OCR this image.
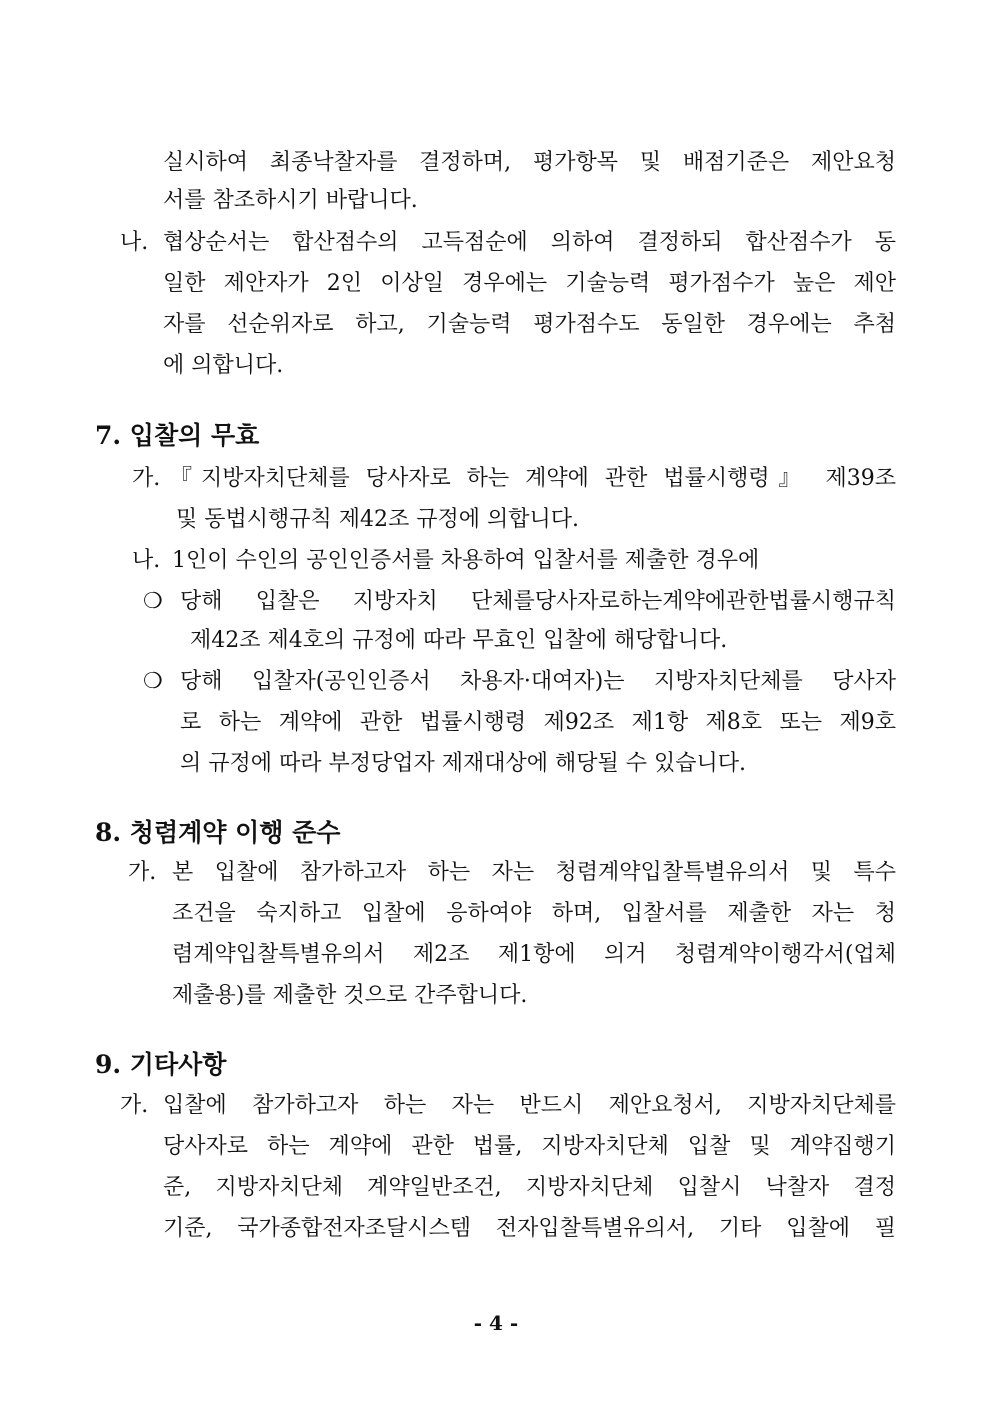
실시하여 최종낙찰자를 결정하며, 평가항목 및 배점기준은 제안요청
서를 참조하시기 바랍니다.
나. 협상순서는 합산점수의 고득점순에 의하여 결정하되 합산점수가 동
일한 제안자가 2인 이상일 경우에는 기술능력 평가점수가 높은 제안
자를 선순위자로 하고, 기술능력 평가점수도 동일한 경우에는 추첨
에 의합니다.
7. 입찰의 무효
가. 『지방자치단체를 당사자로 하는 계약에 관한 법률시행령』 제39조
및 동법시행규칙 제42조 규정에 의합니다.
나. 1인이 수인의 공인인증서를 차용하여 입찰서를 제출한 경우에
❍ 당해 입찰은 지방자치 단체를당사자로하는계약에관한법률시행규칙
제42조 제4호의 규정에 따라 무효인 입찰에 해당합니다.
❍ 당해 입찰자(공인인증서 차용자·대여자)는 지방자치단체를 당사자
로 하는 계약에 관한 법률시행령 제92조 제1항 제8호 또는 제9호
의 규정에 따라 부정당업자 제재대상에 해당될 수 있습니다.
8. 청렴계약 이행 준수
가. 본 입찰에 참가하고자 하는 자는 청렴계약입찰특별유의서 및 특수
조건을 숙지하고 입찰에 응하여야 하며, 입찰서를 제출한 자는 청
렴계약입찰특별유의서 제2조 제1항에 의거 청렴계약이행각서(업체
제출용)를 제출한 것으로 간주합니다.
9. 기타사항
가. 입찰에 참가하고자 하는 자는 반드시 제안요청서, 지방자치단체를
당사자로 하는 계약에 관한 법률, 지방자치단체 입찰 및 계약집행기
준, 지방자치단체 계약일반조건, 지방자치단체 입찰시 낙찰자 결정
기준, 국가종합전자조달시스템 전자입찰특별유의서, 기타 입찰에 필
- 4 -
